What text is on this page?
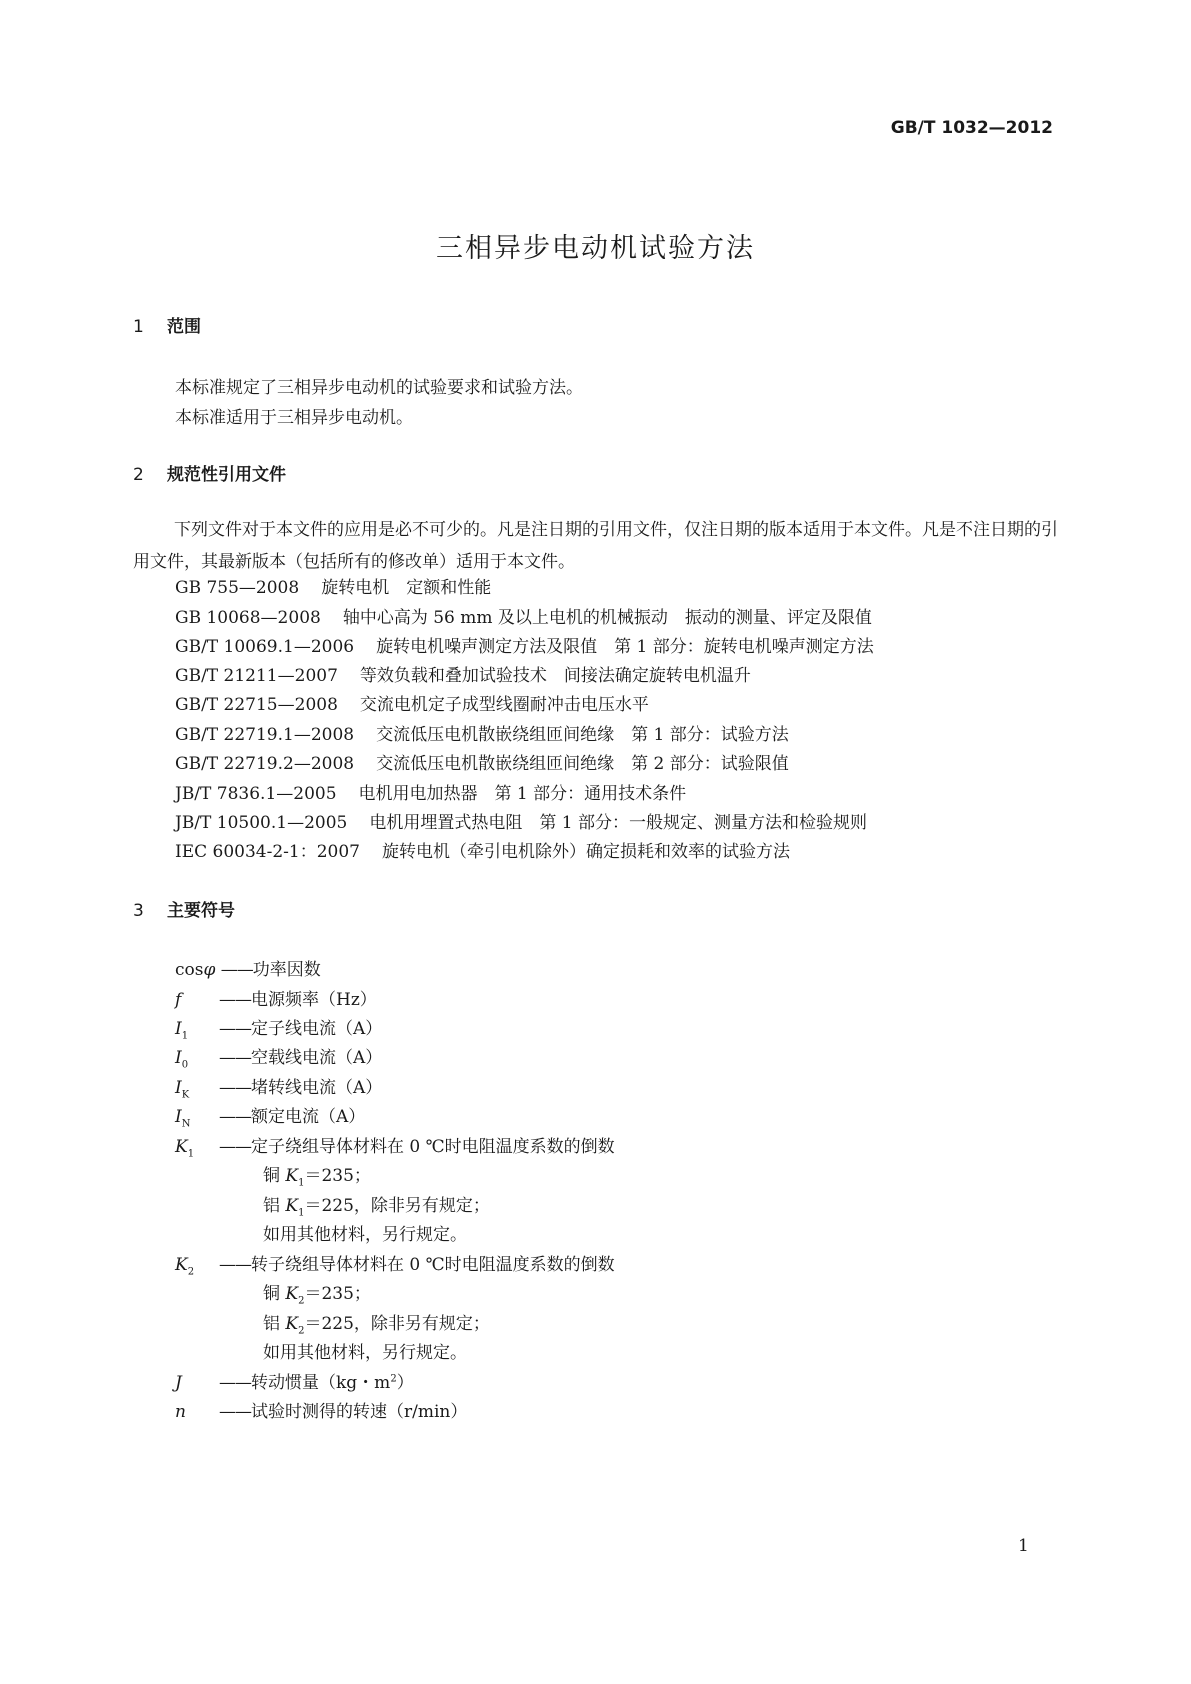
GB/T 1032—2012
三相异步电动机试验方法
1 范围
本标准规定了三相异步电动机的试验要求和试验方法。
本标准适用于三相异步电动机。
2 规范性引用文件
下列文件对于本文件的应用是必不可少的。凡是注日期的引用文件，仅注日期的版本适用于本文件。凡是不注日期的引用文件，其最新版本（包括所有的修改单）适用于本文件。
GB 755—2008 旋转电机　定额和性能
GB 10068—2008 轴中心高为 56 mm 及以上电机的机械振动　振动的测量、评定及限值
GB/T 10069.1—2006 旋转电机噪声测定方法及限值　第 1 部分：旋转电机噪声测定方法
GB/T 21211—2007 等效负载和叠加试验技术　间接法确定旋转电机温升
GB/T 22715—2008 交流电机定子成型线圈耐冲击电压水平
GB/T 22719.1—2008 交流低压电机散嵌绕组匝间绝缘　第 1 部分：试验方法
GB/T 22719.2—2008 交流低压电机散嵌绕组匝间绝缘　第 2 部分：试验限值
JB/T 7836.1—2005 电机用电加热器　第 1 部分：通用技术条件
JB/T 10500.1—2005 电机用埋置式热电阻　第 1 部分：一般规定、测量方法和检验规则
IEC 60034-2-1：2007 旋转电机（牵引电机除外）确定损耗和效率的试验方法
3 主要符号
cosφ ——功率因数
f ——电源频率（Hz）
$I_1$ ——定子线电流（A）
$I_0$ ——空载线电流（A）
$I_K$ ——堵转线电流（A）
$I_N$ ——额定电流（A）
$K_1$ ——定子绕组导体材料在 0 ℃时电阻温度系数的倒数
铜 $K_1=235$；
铝 $K_1=225$，除非另有规定；
如用其他材料，另行规定。
$K_2$ ——转子绕组导体材料在 0 ℃时电阻温度系数的倒数
铜 $K_2=235$；
铝 $K_2=225$，除非另有规定；
如用其他材料，另行规定。
J ——转动惯量（kg・$m^2$）
n ——试验时测得的转速（r/min）
1
